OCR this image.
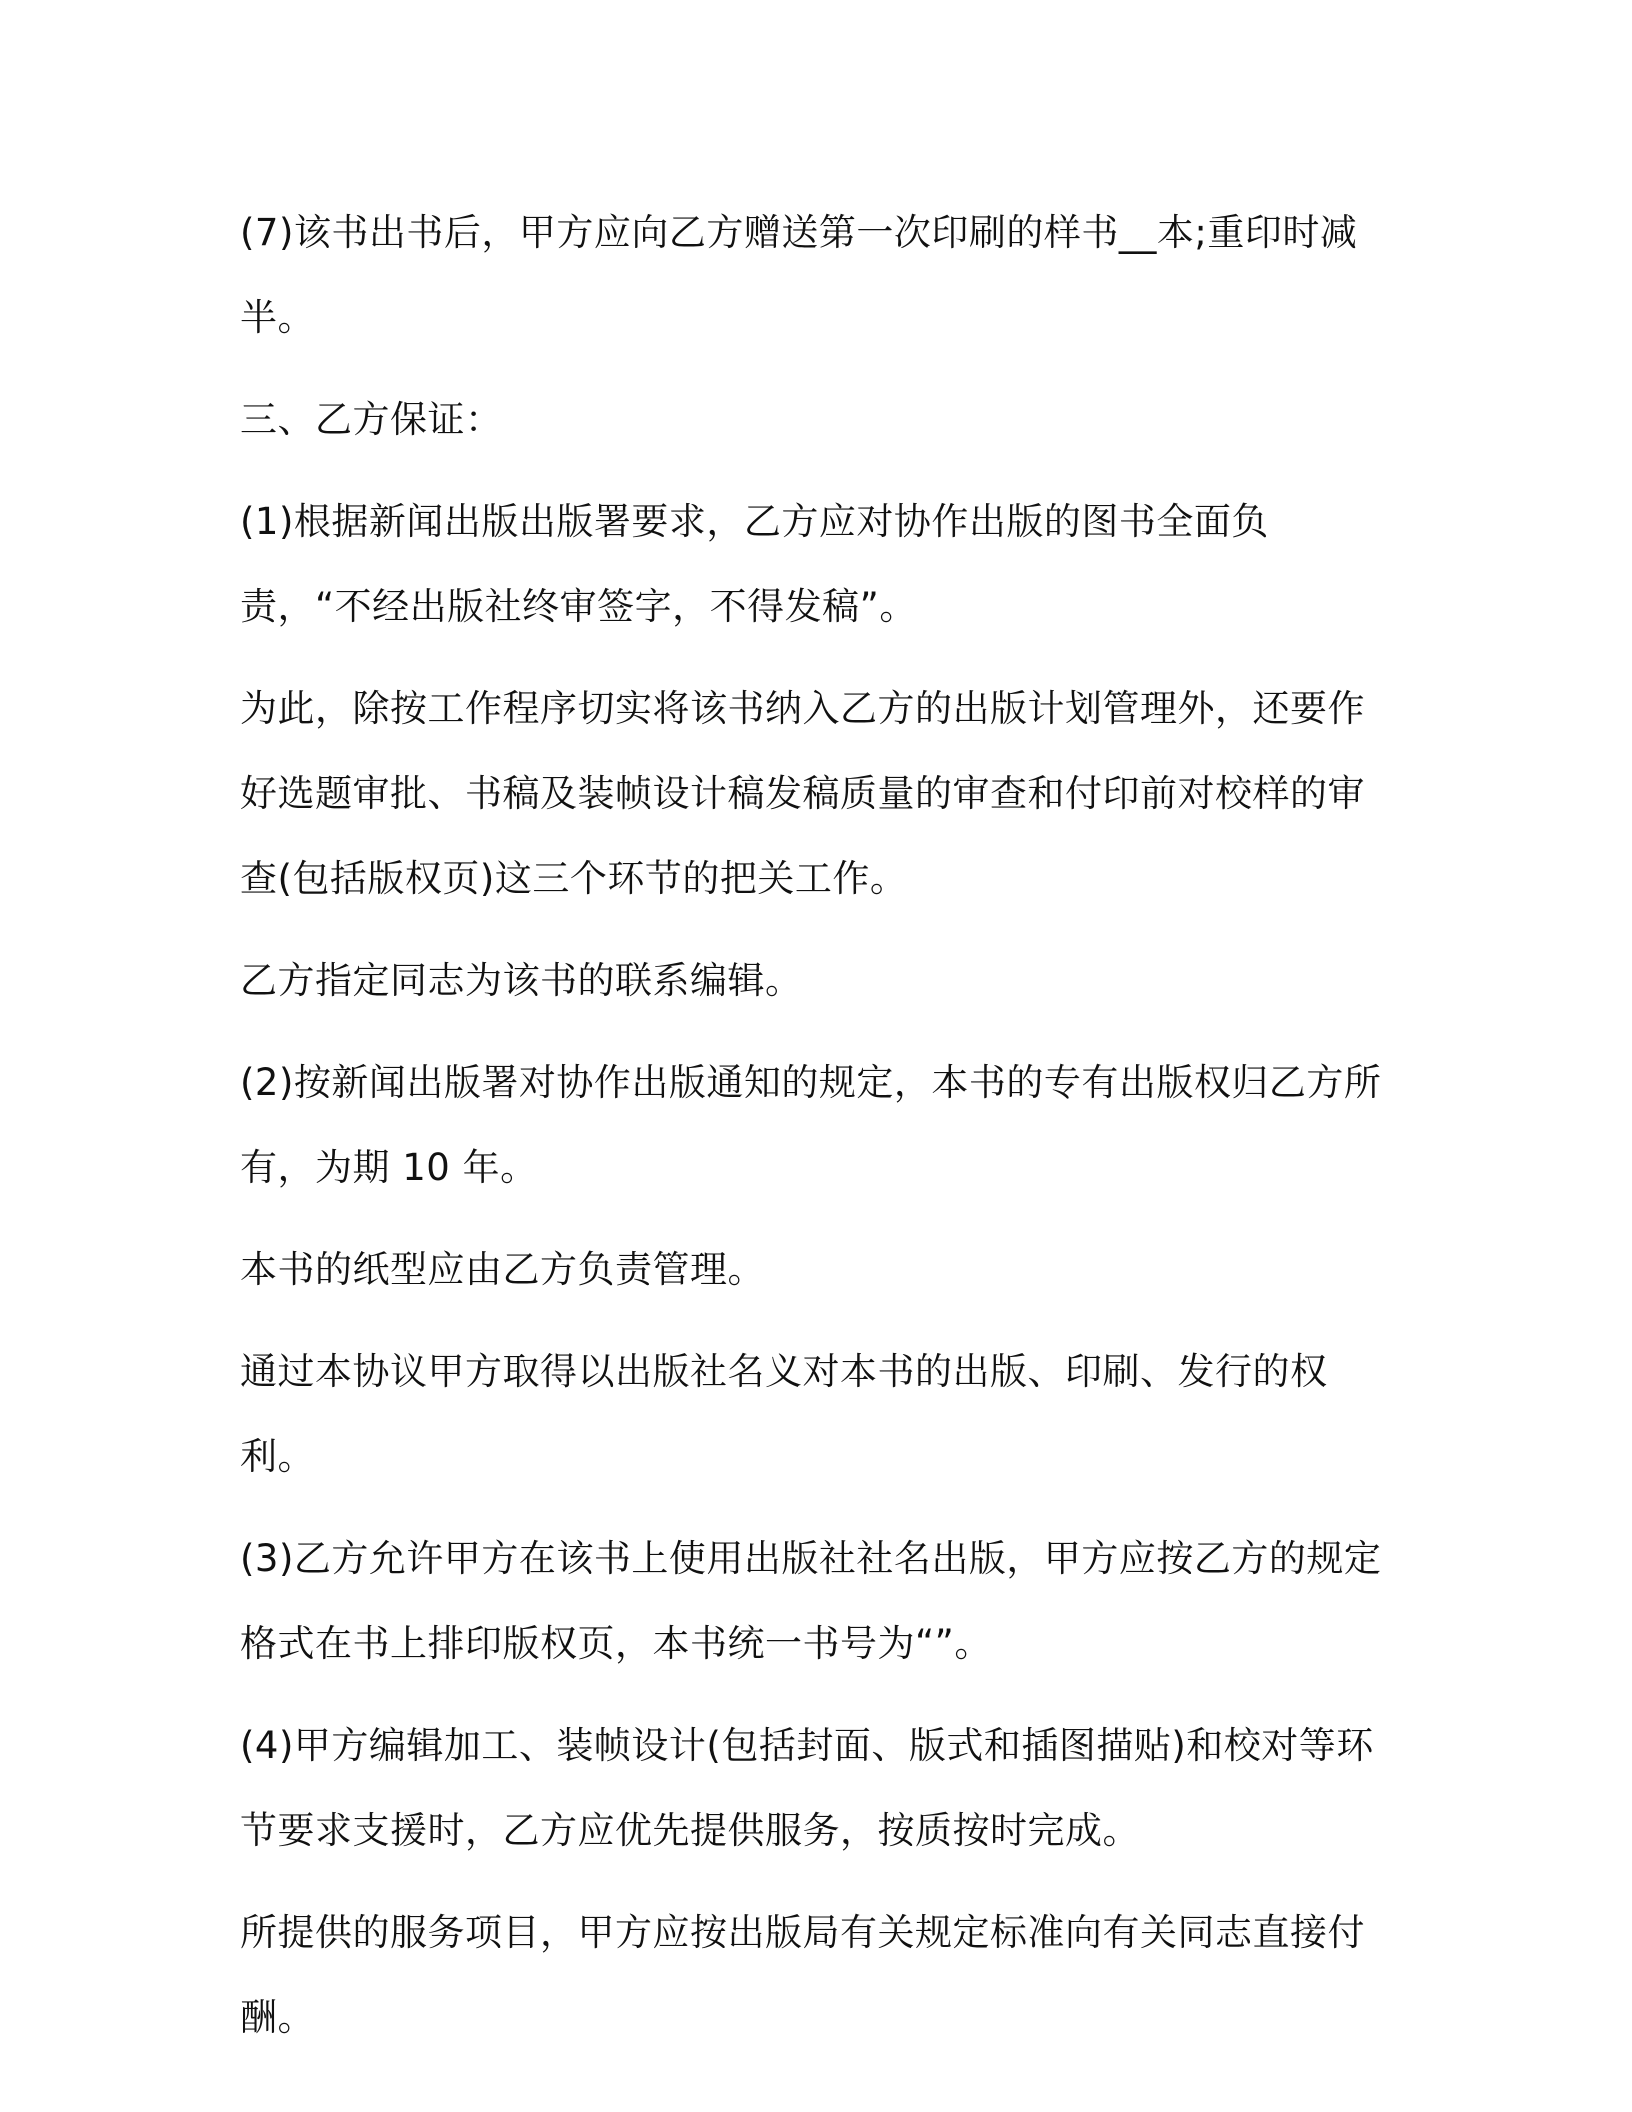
(7)该书出书后，甲方应向乙方赠送第一次印刷的样书__本;重印时减半。

三、乙方保证：

(1)根据新闻出版出版署要求，乙方应对协作出版的图书全面负责，“不经出版社终审签字，不得发稿”。

为此，除按工作程序切实将该书纳入乙方的出版计划管理外，还要作好选题审批、书稿及装帧设计稿发稿质量的审查和付印前对校样的审查(包括版权页)这三个环节的把关工作。

乙方指定同志为该书的联系编辑。

(2)按新闻出版署对协作出版通知的规定，本书的专有出版权归乙方所有，为期 10 年。

本书的纸型应由乙方负责管理。

通过本协议甲方取得以出版社名义对本书的出版、印刷、发行的权利。

(3)乙方允许甲方在该书上使用出版社社名出版，甲方应按乙方的规定格式在书上排印版权页，本书统一书号为“”。

(4)甲方编辑加工、装帧设计(包括封面、版式和插图描贴)和校对等环节要求支援时，乙方应优先提供服务，按质按时完成。

所提供的服务项目，甲方应按出版局有关规定标准向有关同志直接付酬。
